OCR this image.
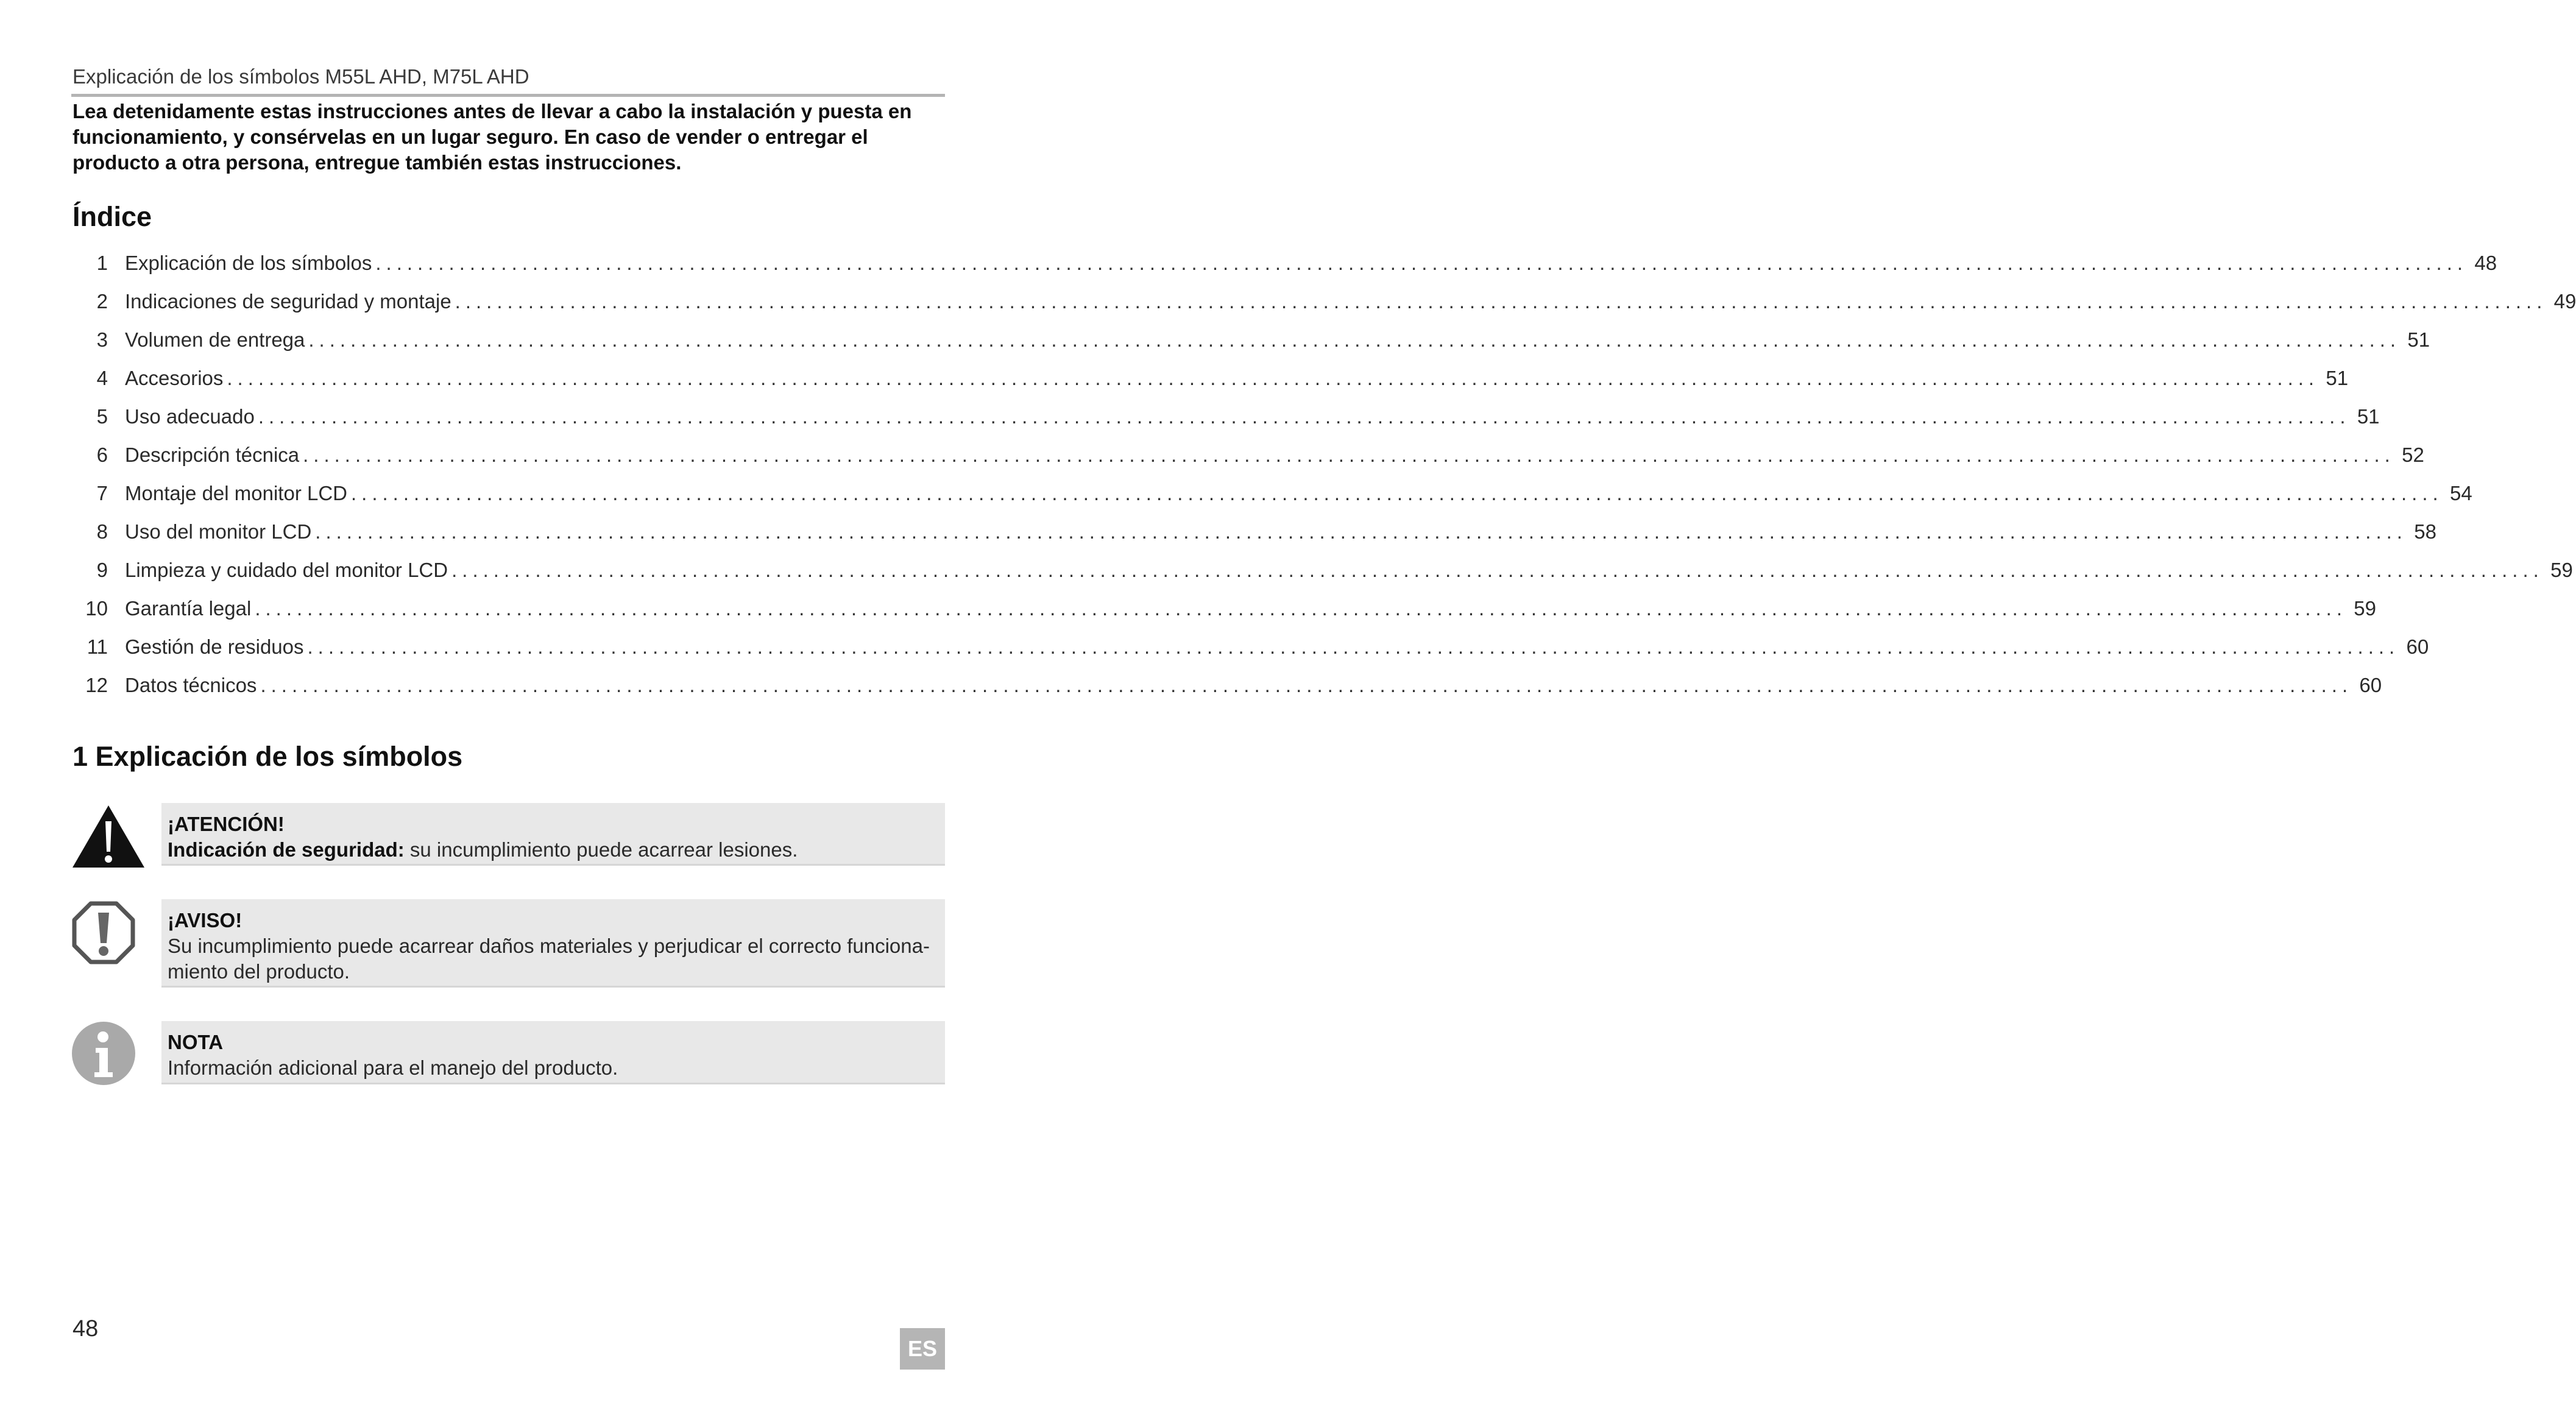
Explicación de los símbolos M55L AHD, M75L AHD
Lea detenidamente estas instrucciones antes de llevar a cabo la instalación y puesta en funcionamiento, y consérvelas en un lugar seguro. En caso de vender o entregar el producto a otra persona, entregue también estas instrucciones.
Índice
1 Explicación de los símbolos ........................................................................................................................................................................................................ 48
2 Indicaciones de seguridad y montaje ........................................................................................................................................................................................................ 49
3 Volumen de entrega ........................................................................................................................................................................................................ 51
4 Accesorios ........................................................................................................................................................................................................ 51
5 Uso adecuado ........................................................................................................................................................................................................ 51
6 Descripción técnica ........................................................................................................................................................................................................ 52
7 Montaje del monitor LCD ........................................................................................................................................................................................................ 54
8 Uso del monitor LCD ........................................................................................................................................................................................................ 58
9 Limpieza y cuidado del monitor LCD ........................................................................................................................................................................................................ 59
10 Garantía legal ........................................................................................................................................................................................................ 59
11 Gestión de residuos ........................................................................................................................................................................................................ 60
12 Datos técnicos ........................................................................................................................................................................................................ 60
1 Explicación de los símbolos
¡ATENCIÓN!
Indicación de seguridad: su incumplimiento puede acarrear lesiones.
¡AVISO!
Su incumplimiento puede acarrear daños materiales y perjudicar el correcto funciona-miento del producto.
NOTA
Información adicional para el manejo del producto.
48
ES
